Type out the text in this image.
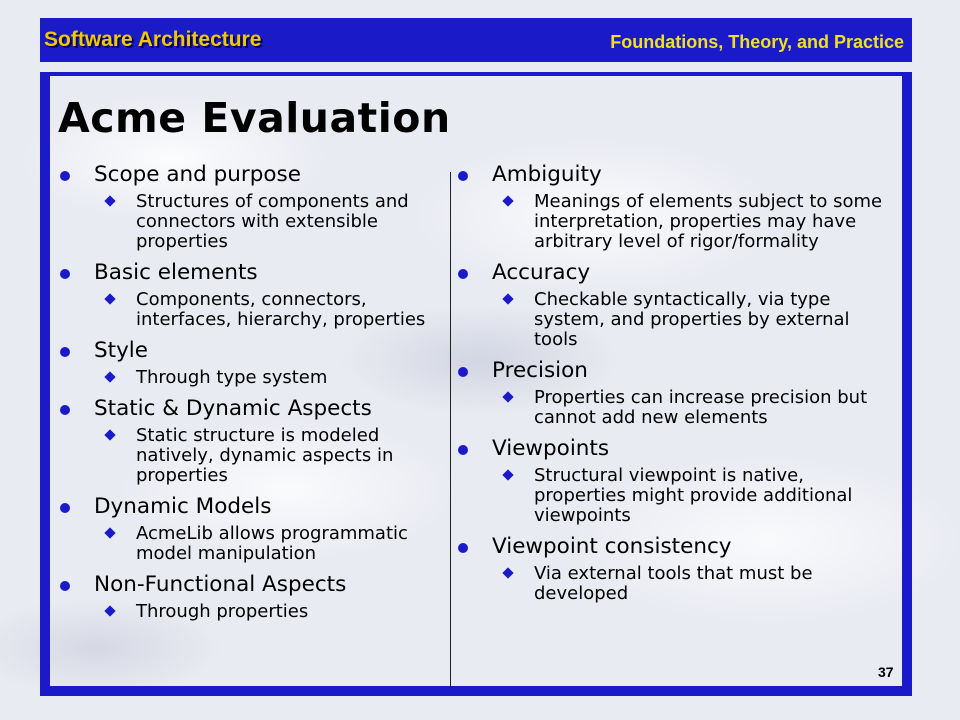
Software Architecture	Foundations, Theory, and Practice
Acme Evaluation
Scope and purpose
Structures of components and connectors with extensible properties
Basic elements
Components, connectors, interfaces, hierarchy, properties
Style
Through type system
Static & Dynamic Aspects
Static structure is modeled natively, dynamic aspects in properties
Dynamic Models
AcmeLib allows programmatic model manipulation
Non-Functional Aspects
Through properties
Ambiguity
Meanings of elements subject to some interpretation, properties may have arbitrary level of rigor/formality
Accuracy
Checkable syntactically, via type system, and properties by external tools
Precision
Properties can increase precision but cannot add new elements
Viewpoints
Structural viewpoint is native, properties might provide additional viewpoints
Viewpoint consistency
Via external tools that must be developed
37
